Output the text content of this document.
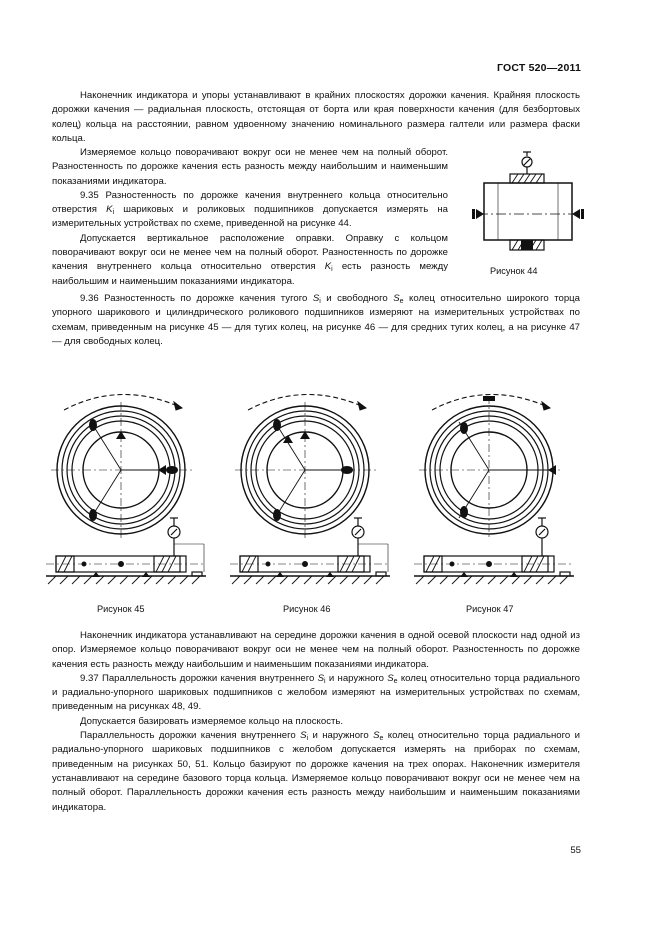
ГОСТ 520—2011

Наконечник индикатора и упоры устанавливают в крайних плоскостях дорожки качения. Крайняя плоскость дорожки качения — радиальная плоскость, отстоящая от борта или края поверхности качения (для безбортовых колец) кольца на расстоянии, равном удвоенному значению номинального размера галтели или размера фаски кольца.

Измеряемое кольцо поворачивают вокруг оси не менее чем на полный оборот. Разностенность по дорожке качения есть разность между наибольшим и наименьшим показаниями индикатора.

9.35 Разностенность по дорожке качения внутреннего кольца относительно отверстия $K_i$ шариковых и роликовых подшипников допускается измерять на измерительных устройствах по схеме, приведенной на рисунке 44.

Допускается вертикальное расположение оправки. Оправку с кольцом поворачивают вокруг оси не менее чем на полный оборот. Разностенность по дорожке качения внутреннего кольца относительно отверстия $K_i$ есть разность между наибольшим и наименьшим показаниями индикатора.

9.36 Разностенность по дорожке качения тугого $S_i$ и свободного $S_e$ колец относительно широкого торца упорного шарикового и цилиндрического роликового подшипников измеряют на измерительных устройствах по схемам, приведенным на рисунке 45 — для тугих колец, на рисунке 46 — для средних тугих колец, а на рисунке 47 — для свободных колец.

Рисунок 44
Рисунок 45	Рисунок 46	Рисунок 47

Наконечник индикатора устанавливают на середине дорожки качения в одной осевой плоскости над одной из опор. Измеряемое кольцо поворачивают вокруг оси не менее чем на полный оборот. Разностенность по дорожке качения есть разность между наибольшим и наименьшим показаниями индикатора.

9.37 Параллельность дорожки качения внутреннего $S_i$ и наружного $S_e$ колец относительно торца радиального и радиально-упорного шариковых подшипников с желобом измеряют на измерительных устройствах по схемам, приведенным на рисунках 48, 49.

Допускается базировать измеряемое кольцо на плоскость.

Параллельность дорожки качения внутреннего $S_i$ и наружного $S_e$ колец относительно торца радиального и радиально-упорного шариковых подшипников с желобом допускается измерять на приборах по схемам, приведенным на рисунках 50, 51. Кольцо базируют по дорожке качения на трех опорах. Наконечник измерителя устанавливают на середине базового торца кольца. Измеряемое кольцо поворачивают вокруг оси не менее чем на полный оборот. Параллельность дорожки качения есть разность между наибольшим и наименьшим показаниями индикатора.

55
